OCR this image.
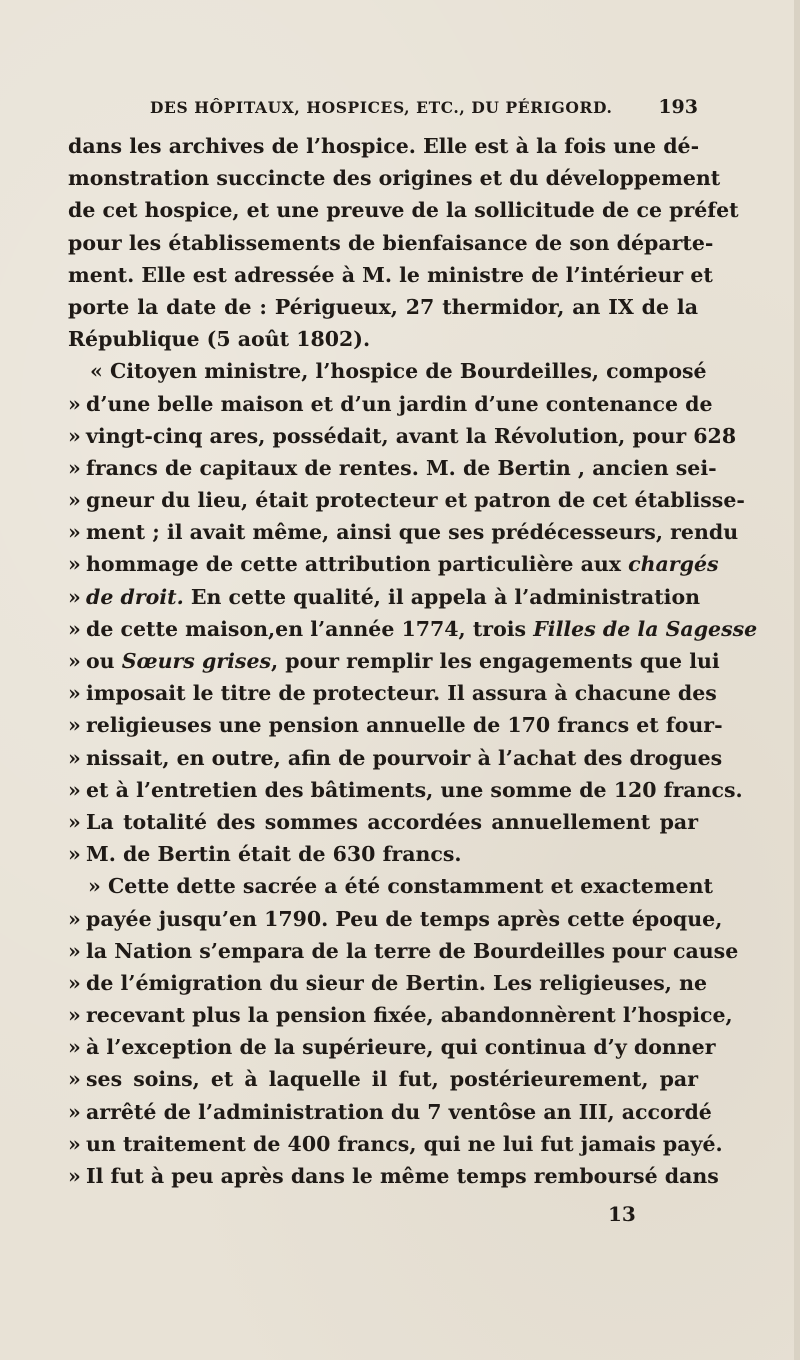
DES HÔPITAUX, HOSPICES, ETC., DU PÉRIGORD. 193
dans les archives de l’hospice. Elle est à la fois une dé-
monstration succincte des origines et du développement
de cet hospice, et une preuve de la sollicitude de ce préfet
pour les établissements de bienfaisance de son départe-
ment. Elle est adressée à M. le ministre de l’intérieur et
porte la date de : Périgueux, 27 thermidor, an IX de la
République (5 août 1802).
« Citoyen ministre, l’hospice de Bourdeilles, composé
» d’une belle maison et d’un jardin d’une contenance de
» vingt-cinq ares, possédait, avant la Révolution, pour 628
» francs de capitaux de rentes. M. de Bertin , ancien sei-
» gneur du lieu, était protecteur et patron de cet établisse-
» ment ; il avait même, ainsi que ses prédécesseurs, rendu
» hommage de cette attribution particulière aux chargés
» de droit. En cette qualité, il appela à l’administration
» de cette maison,en l’année 1774, trois Filles de la Sagesse
» ou Sœurs grises, pour remplir les engagements que lui
» imposait le titre de protecteur. Il assura à chacune des
» religieuses une pension annuelle de 170 francs et four-
» nissait, en outre, afin de pourvoir à l’achat des drogues
» et à l’entretien des bâtiments, une somme de 120 francs.
» La totalité des sommes accordées annuellement par
» M. de Bertin était de 630 francs.
» Cette dette sacrée a été constamment et exactement
» payée jusqu’en 1790. Peu de temps après cette époque,
» la Nation s’empara de la terre de Bourdeilles pour cause
» de l’émigration du sieur de Bertin. Les religieuses, ne
» recevant plus la pension fixée, abandonnèrent l’hospice,
» à l’exception de la supérieure, qui continua d’y donner
» ses soins, et à laquelle il fut, postérieurement, par
» arrêté de l’administration du 7 ventôse an III, accordé
» un traitement de 400 francs, qui ne lui fut jamais payé.
» Il fut à peu après dans le même temps remboursé dans
13
